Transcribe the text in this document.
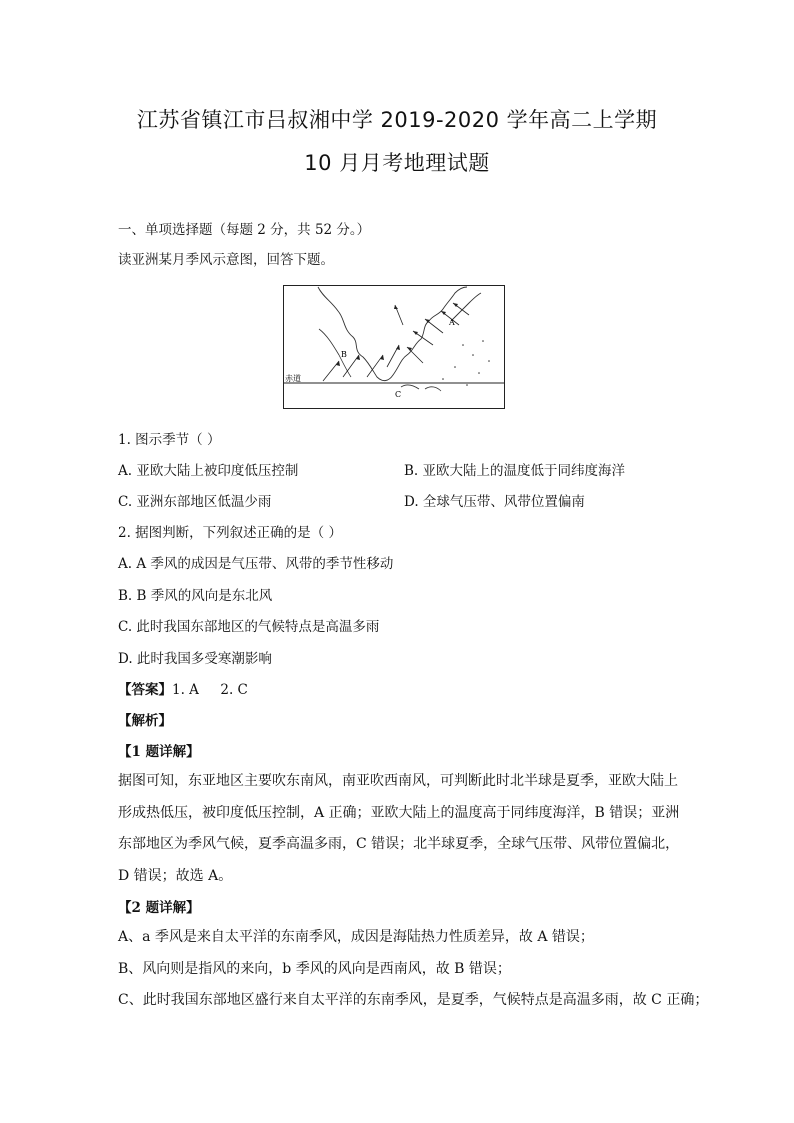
江苏省镇江市吕叔湘中学 2019-2020 学年高二上学期
10 月月考地理试题
一、单项选择题（每题 2 分，共 52 分。）
读亚洲某月季风示意图，回答下题。
A
B
C
赤道
1. 图示季节（ ）
A. 亚欧大陆上被印度低压控制	B. 亚欧大陆上的温度低于同纬度海洋
C. 亚洲东部地区低温少雨	D. 全球气压带、风带位置偏南
2. 据图判断，下列叙述正确的是（ ）
A. A 季风的成因是气压带、风带的季节性移动
B. B 季风的风向是东北风
C. 此时我国东部地区的气候特点是高温多雨
D. 此时我国多受寒潮影响
【答案】1. A     2. C
【解析】
【1 题详解】
据图可知，东亚地区主要吹东南风，南亚吹西南风，可判断此时北半球是夏季，亚欧大陆上
形成热低压，被印度低压控制，A 正确；亚欧大陆上的温度高于同纬度海洋，B 错误；亚洲
东部地区为季风气候，夏季高温多雨，C 错误；北半球夏季，全球气压带、风带位置偏北，
D 错误；故选 A。
【2 题详解】
A、a 季风是来自太平洋的东南季风，成因是海陆热力性质差异，故 A 错误；
B、风向则是指风的来向，b 季风的风向是西南风，故 B 错误；
C、此时我国东部地区盛行来自太平洋的东南季风，是夏季，气候特点是高温多雨，故 C 正确；
